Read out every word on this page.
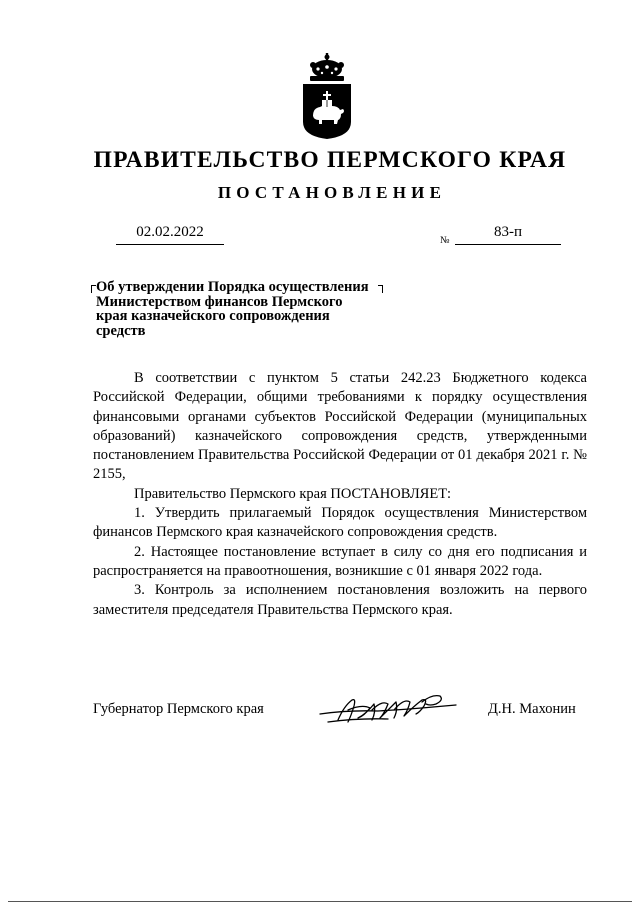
ПРАВИТЕЛЬСТВО ПЕРМСКОГО КРАЯ
ПОСТАНОВЛЕНИЕ
02.02.2022
№
83-п
Об утверждении Порядка осуществления
Министерством финансов Пермского
края казначейского сопровождения
средств

В соответствии с пунктом 5 статьи 242.23 Бюджетного кодекса Российской Федерации, общими требованиями к порядку осуществления финансовыми органами субъектов Российской Федерации (муниципальных образований) казначейского сопровождения средств, утвержденными постановлением Правительства Российской Федерации от 01 декабря 2021 г. № 2155,

Правительство Пермского края ПОСТАНОВЛЯЕТ:

1. Утвердить прилагаемый Порядок осуществления Министерством финансов Пермского края казначейского сопровождения средств.

2. Настоящее постановление вступает в силу со дня его подписания и распространяется на правоотношения, возникшие с 01 января 2022 года.

3. Контроль за исполнением постановления возложить на первого заместителя председателя Правительства Пермского края.

Губернатор Пермского края	Д.Н. Махонин
